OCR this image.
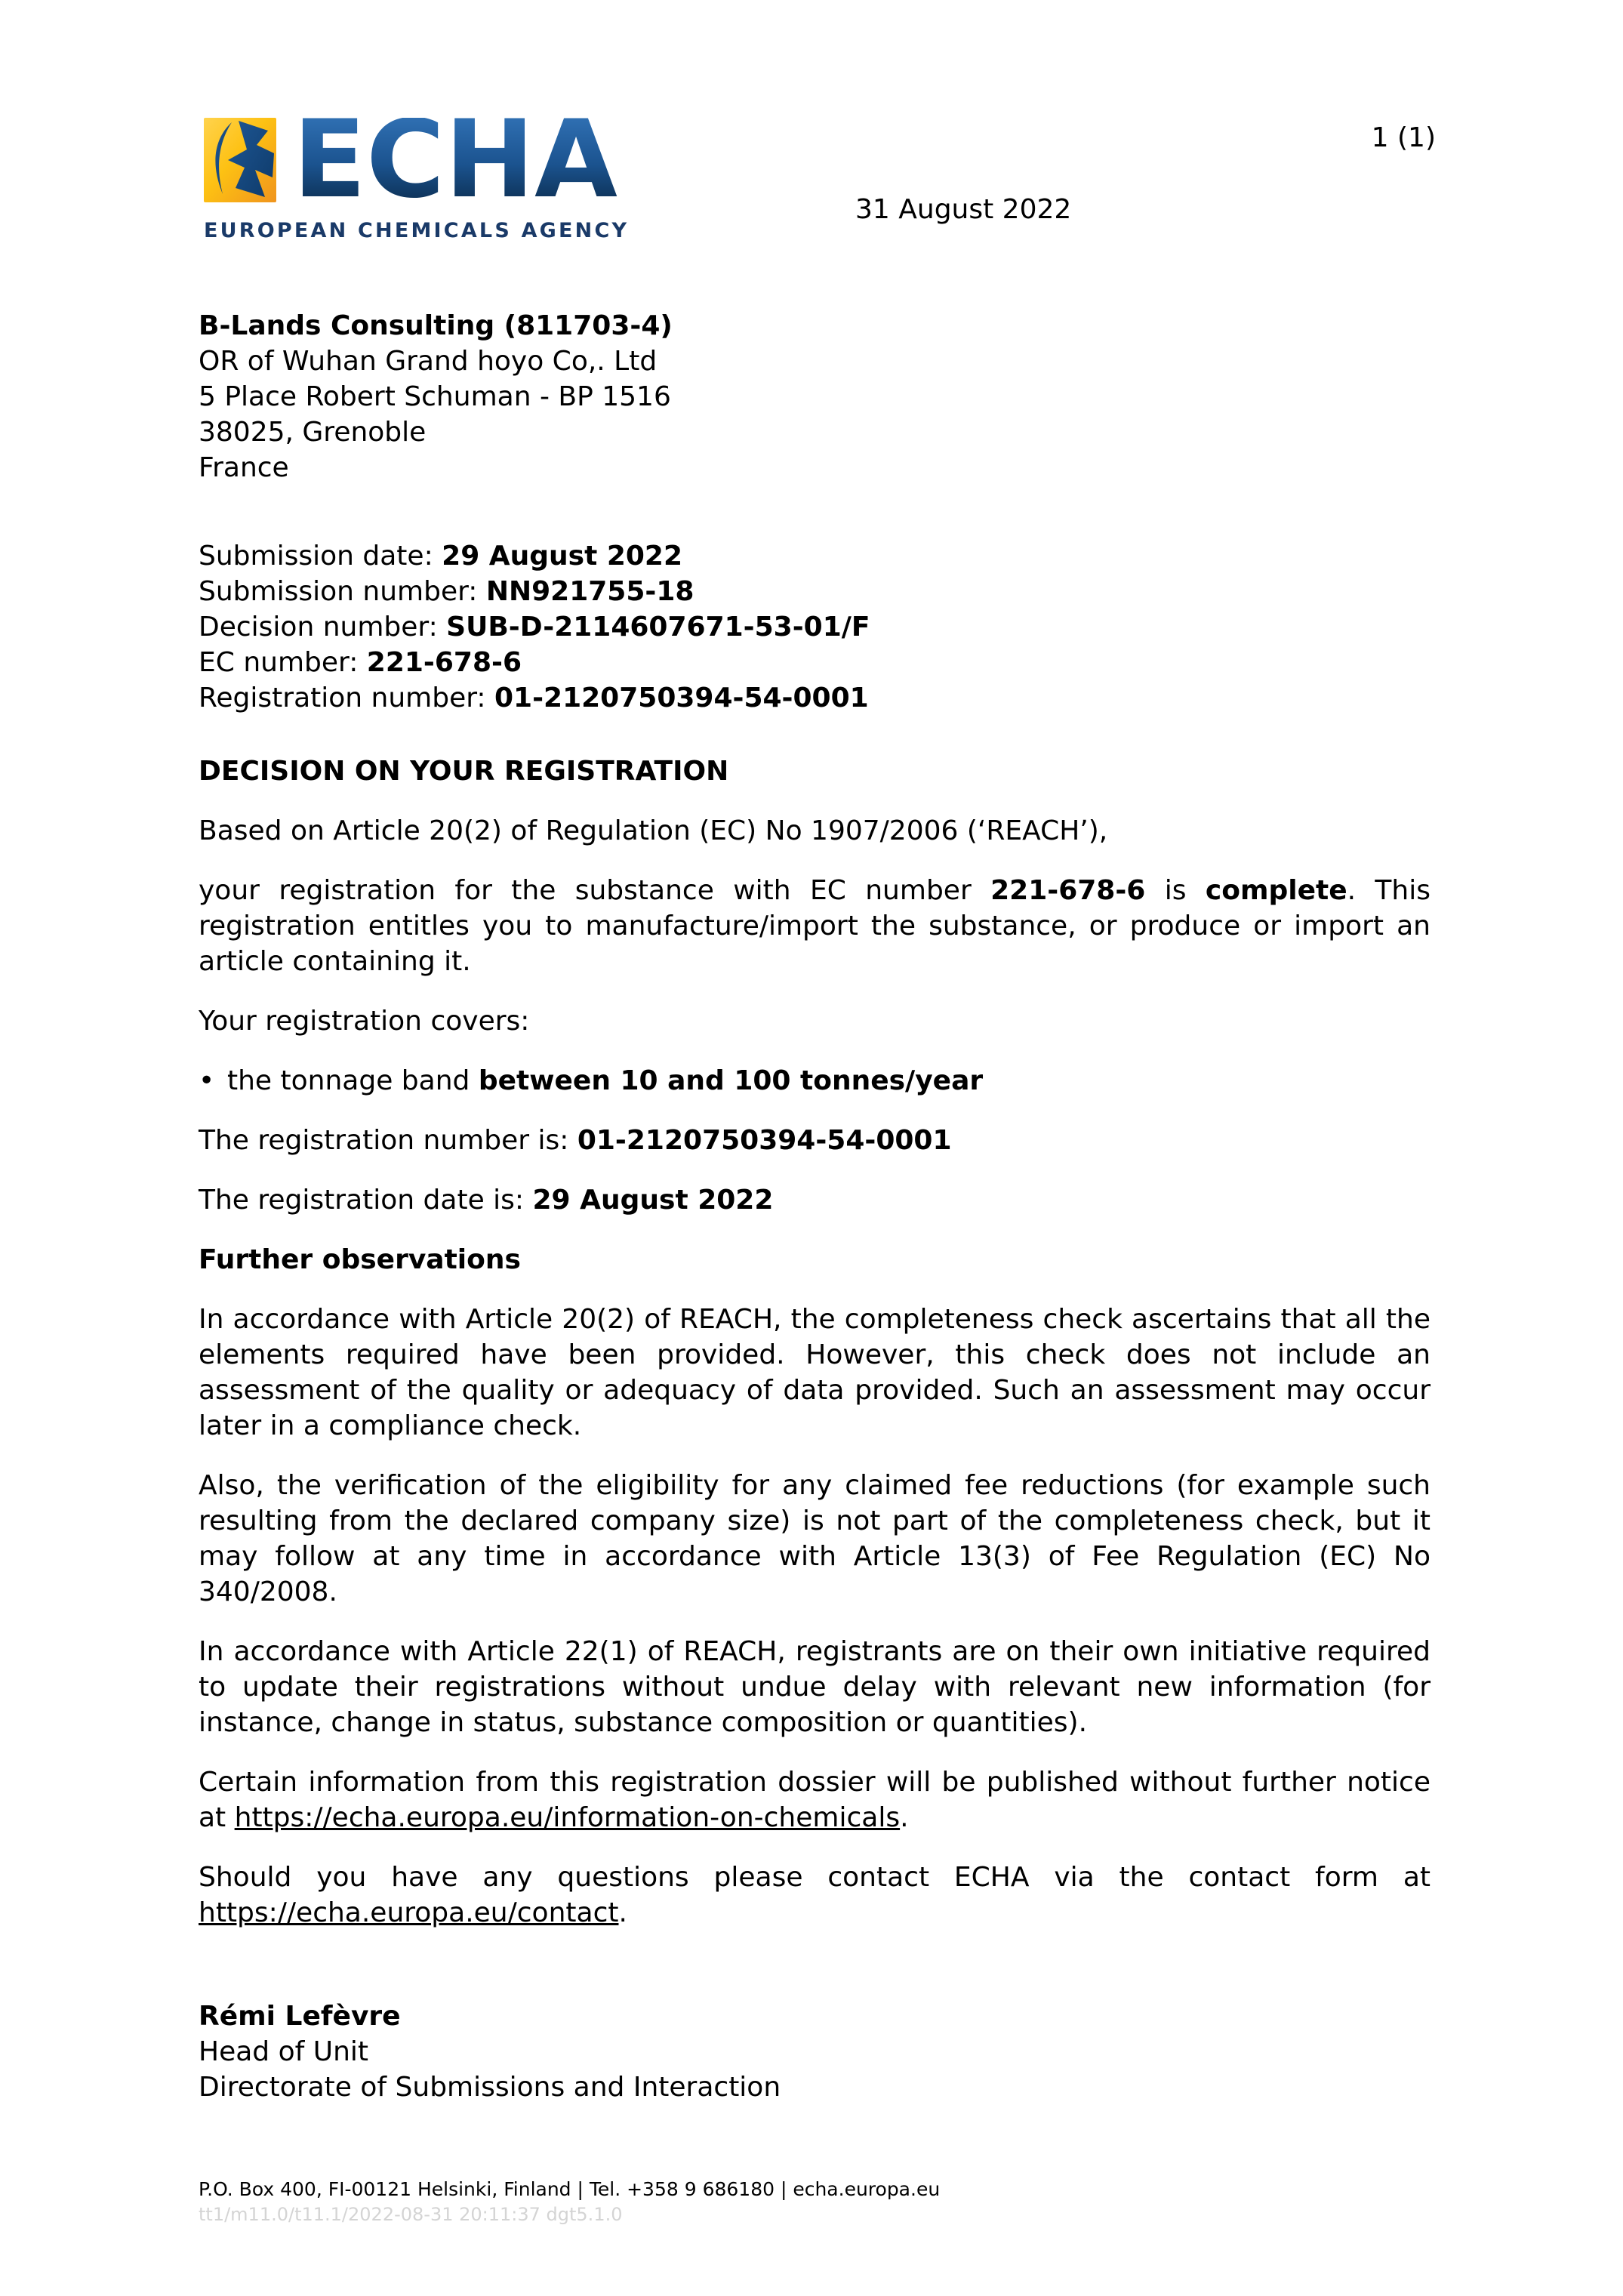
ECHA
EUROPEAN CHEMICALS AGENCY
1 (1)
31 August 2022
B-Lands Consulting (811703-4)
OR of Wuhan Grand hoyo Co,. Ltd
5 Place Robert Schuman - BP 1516
38025, Grenoble
France
Submission date: 29 August 2022
Submission number: NN921755-18
Decision number: SUB-D-2114607671-53-01/F
EC number: 221-678-6
Registration number: 01-2120750394-54-0001
DECISION ON YOUR REGISTRATION

Based on Article 20(2) of Regulation (EC) No 1907/2006 (‘REACH’),

your registration for the substance with EC number 221-678-6 is complete. This registration entitles you to manufacture/import the substance, or produce or import an article containing it.

Your registration covers:

• the tonnage band between 10 and 100 tonnes/year

The registration number is: 01-2120750394-54-0001

The registration date is: 29 August 2022

Further observations

In accordance with Article 20(2) of REACH, the completeness check ascertains that all the elements required have been provided. However, this check does not include an assessment of the quality or adequacy of data provided. Such an assessment may occur later in a compliance check.

Also, the verification of the eligibility for any claimed fee reductions (for example such resulting from the declared company size) is not part of the completeness check, but it may follow at any time in accordance with Article 13(3) of Fee Regulation (EC) No 340/2008.

In accordance with Article 22(1) of REACH, registrants are on their own initiative required to update their registrations without undue delay with relevant new information (for instance, change in status, substance composition or quantities).

Certain information from this registration dossier will be published without further notice at https://echa.europa.eu/information-on-chemicals.

Should you have any questions please contact ECHA via the contact form at https://echa.europa.eu/contact.

Rémi Lefèvre
Head of Unit
Directorate of Submissions and Interaction
P.O. Box 400, FI-00121 Helsinki, Finland | Tel. +358 9 686180 | echa.europa.eu
tt1/m11.0/t11.1/2022-08-31 20:11:37 dgt5.1.0
